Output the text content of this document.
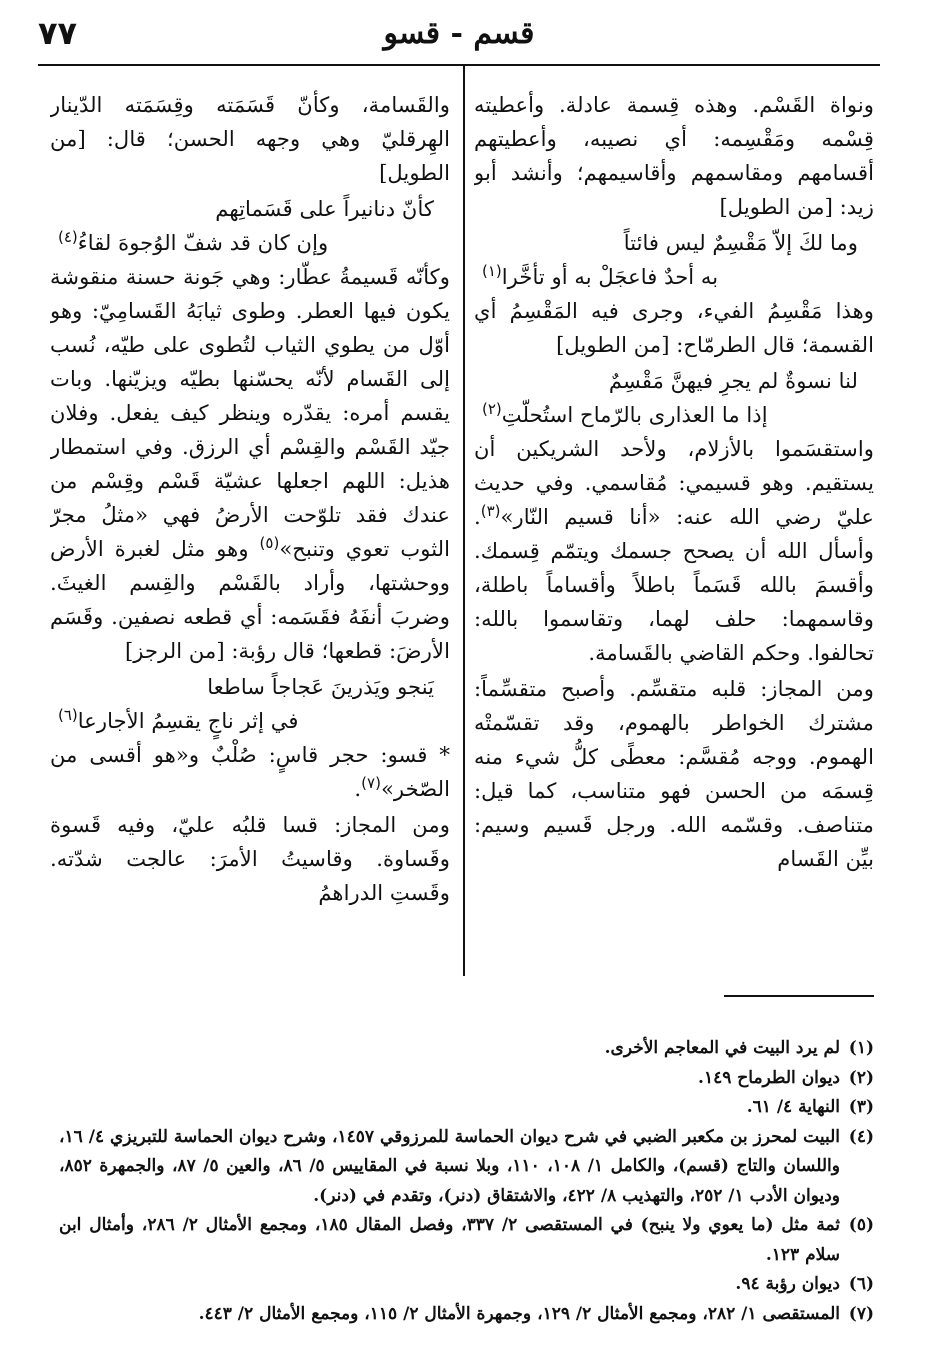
٧٧	قسم - قسو

ونواة القَسْم. وهذه قِسمة عادلة. وأعطيته قِسْمه ومَقْسِمه: أي نصيبه، وأعطيتهم أقسامهم ومقاسمهم وأقاسيمهم؛ وأنشد أبو زيد: [من الطويل]

وما لكَ إلاّ مَقْسِمٌ ليس فائتاً
به أحدٌ فاعجَلْ به أو تأخَّرا$^{(١)}$

وهذا مَقْسِمُ الفيء، وجرى فيه المَقْسِمُ أي القسمة؛ قال الطرمّاح: [من الطويل]

لنا نسوةٌ لم يجرِ فيهنَّ مَقْسِمٌ
إذا ما العذارى بالرّماح استُحلّتِ$^{(٢)}$

واستقسَموا بالأزلام، ولأحد الشريكين أن يستقيم. وهو قسيمي: مُقاسمي. وفي حديث عليّ رضي الله عنه: «أنا قسيم النّار»$^{(٣)}$. وأسأل الله أن يصحح جسمك ويتمّم قِسمك. وأقسمَ بالله قَسَماً باطلاً وأقساماً باطلة، وقاسمهما: حلف لهما، وتقاسموا بالله: تحالفوا. وحكم القاضي بالقَسامة.

ومن المجاز: قلبه متقسِّم. وأصبح متقسِّماً: مشترك الخواطر بالهموم، وقد تقسّمتْه الهموم. ووجه مُقسَّم: معطًى كلُّ شيء منه قِسمَه من الحسن فهو متناسب، كما قيل: متناصف. وقسّمه الله. ورجل قَسيم وسيم: بيِّن القَسام

والقَسامة، وكأنّ قَسَمَته وقِسَمَته الدّينار الهِرقليّ وهي وجهه الحسن؛ قال: [من الطويل]

كأنّ دنانيراً على قَسَماتِهم
وإن كان قد شفّ الوُجوهَ لقاءُ$^{(٤)}$

وكأنّه قَسيمةُ عطّار: وهي جَونة حسنة منقوشة يكون فيها العطر. وطوى ثيابَهُ القَسامِيّ: وهو أوّل من يطوي الثياب لتُطوى على طيّه، نُسب إلى القَسام لأنّه يحسّنها بطيّه ويزيّنها. وبات يقسم أمره: يقدّره وينظر كيف يفعل. وفلان جيّد القَسْم والقِسْم أي الرزق. وفي استمطار هذيل: اللهم اجعلها عشيّة قَسْم وقِسْم من عندك فقد تلوّحت الأرضُ فهي «مثلُ مجرّ الثوب تعوي وتنبح»$^{(٥)}$ وهو مثل لغبرة الأرض ووحشتها، وأراد بالقَسْم والقِسم الغيثَ. وضربَ أنفَهُ فقَسَمه: أي قطعه نصفين. وقَسَم الأرضَ: قطعها؛ قال رؤبة: [من الرجز]

يَنجو ويَذرينَ عَجاجاً ساطعا
في إثر ناجٍ يقسِمُ الأجارعا$^{(٦)}$

* قسو: حجر قاسٍ: صُلْبٌ و«هو أقسى من الصّخر»$^{(٧)}$.

ومن المجاز: قسا قلبُه عليّ، وفيه قَسوة وقَساوة. وقاسيتُ الأمرَ: عالجت شدّته. وقَستِ الدراهمُ

(١)
لم يرد البيت في المعاجم الأخرى.

(٢)
ديوان الطرماح ١٤٩.

(٣)
النهاية ٤/ ٦١.

(٤)
البيت لمحرز بن مكعبر الضبي في شرح ديوان الحماسة للمرزوقي ١٤٥٧، وشرح ديوان الحماسة للتبريزي ٤/ ١٦، واللسان والتاج (قسم)، والكامل ١/ ١٠٨، ١١٠، وبلا نسبة في المقاييس ٥/ ٨٦، والعين ٥/ ٨٧، والجمهرة ٨٥٢، وديوان الأدب ١/ ٢٥٢، والتهذيب ٨/ ٤٢٢، والاشتقاق (دنر)، وتقدم في (دنر).

(٥)
ثمة مثل (ما يعوي ولا ينبح) في المستقصى ٢/ ٣٣٧، وفصل المقال ١٨٥، ومجمع الأمثال ٢/ ٢٨٦، وأمثال ابن سلام ١٢٣.

(٦)
ديوان رؤبة ٩٤.

(٧)
المستقصى ١/ ٢٨٢، ومجمع الأمثال ٢/ ١٢٩، وجمهرة الأمثال ٢/ ١١٥، ومجمع الأمثال ٢/ ٤٤٣.
